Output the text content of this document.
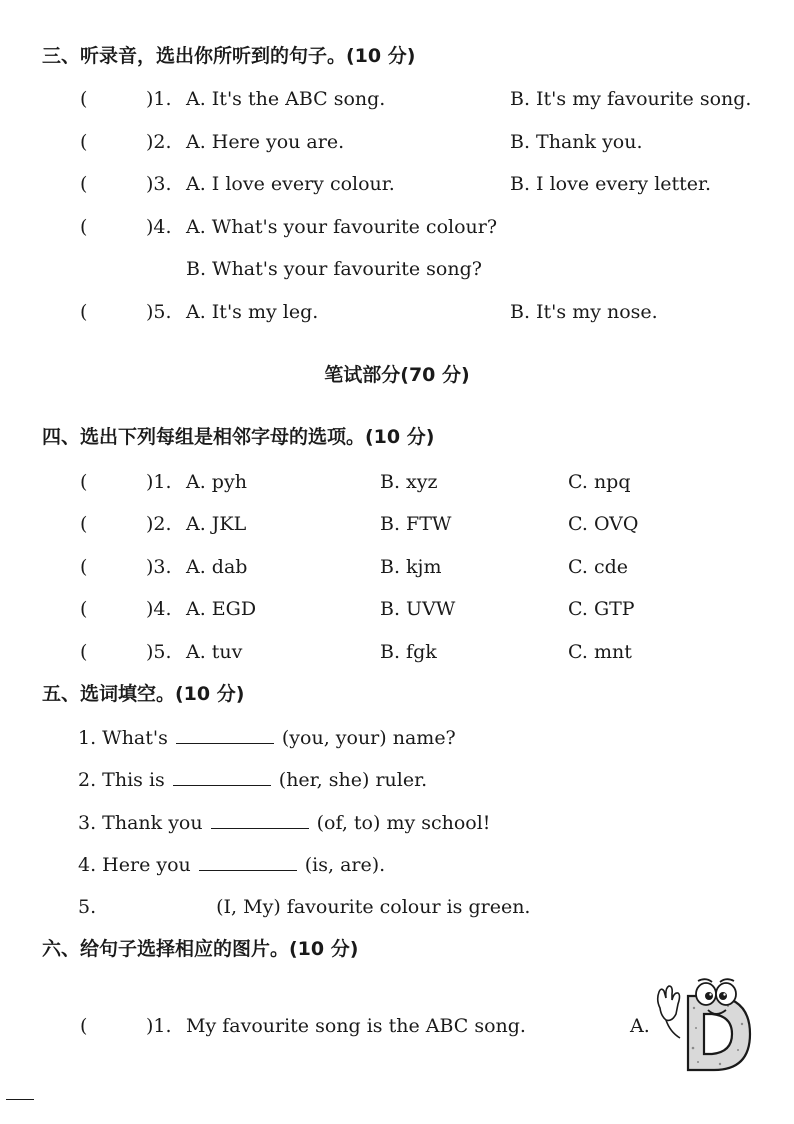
三、听录音，选出你所听到的句子。(10 分)
(	)1. A. It's the ABC song.	B. It's my favourite song.
(	)2. A. Here you are.	B. Thank you.
(	)3. A. I love every colour.	B. I love every letter.
(	)4. A. What's your favourite colour?
B. What's your favourite song?
(	)5. A. It's my leg.	B. It's my nose.
笔试部分(70 分)
四、选出下列每组是相邻字母的选项。(10 分)
(	)1. A. pyh	B. xyz	C. npq
(	)2. A. JKL	B. FTW	C. OVQ
(	)3. A. dab	B. kjm	C. cde
(	)4. A. EGD	B. UVW	C. GTP
(	)5. A. tuv	B. fgk	C. mnt
五、选词填空。(10 分)
1. What's	(you, your) name?
2. This is	(her, she) ruler.
3. Thank you	(of, to) my school!
4. Here you	(is, are).
5.	(I, My) favourite colour is green.
六、给句子选择相应的图片。(10 分)
(	)1. My favourite song is the ABC song.	A.
